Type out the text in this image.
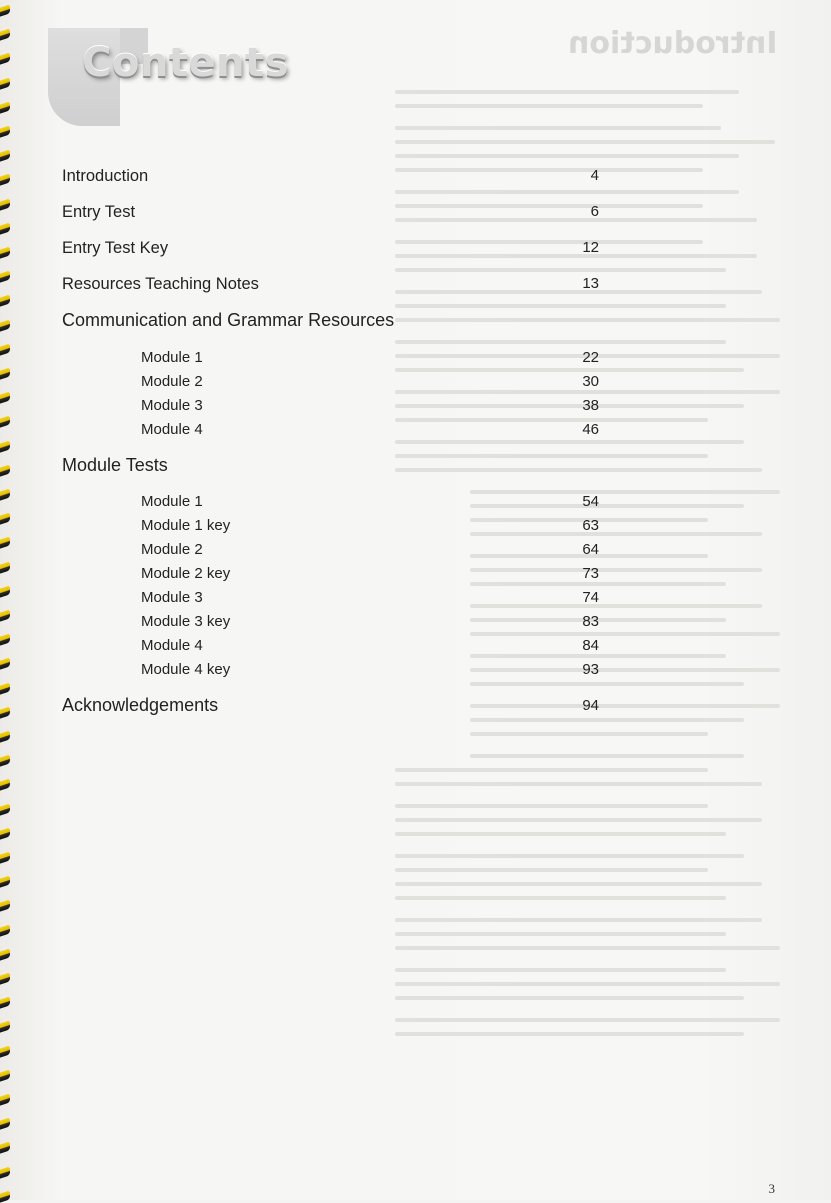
Introduction
Contents
Introduction	4
Entry Test	6
Entry Test Key	12
Resources Teaching Notes	13
Communication and Grammar Resources
Module 1	22
Module 2	30
Module 3	38
Module 4	46
Module Tests
Module 1	54
Module 1 key	63
Module 2	64
Module 2 key	73
Module 3	74
Module 3 key	83
Module 4	84
Module 4 key	93
Acknowledgements	94
3
